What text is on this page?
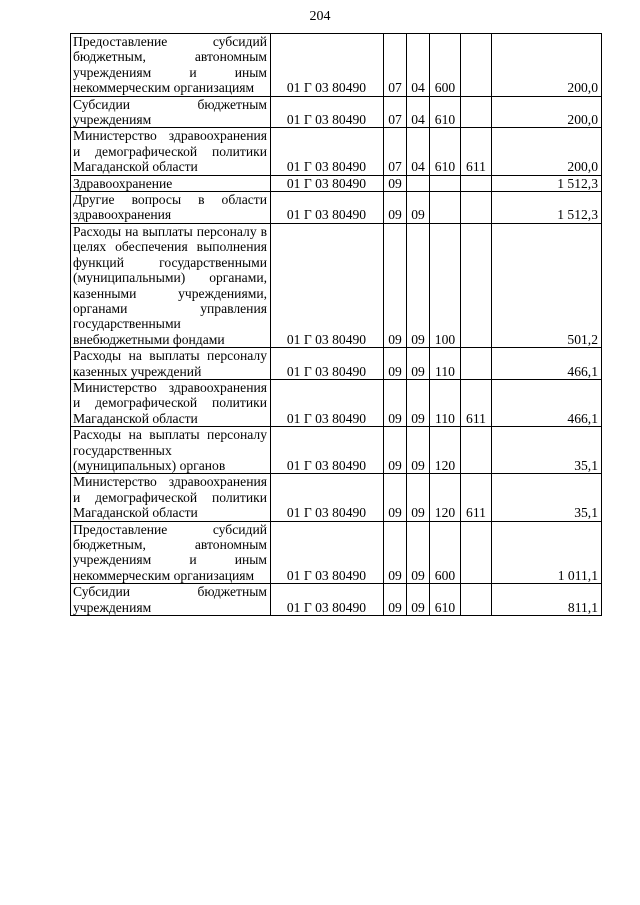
204
Предоставление субсидий бюджетным, автономным учреждениям и иным некоммерческим организациям	01 Г 03 80490	07	04	600		200,0
Субсидии бюджетным учреждениям	01 Г 03 80490	07	04	610		200,0
Министерство здравоохранения и демографической политики Магаданской области	01 Г 03 80490	07	04	610	611	200,0
Здравоохранение	01 Г 03 80490	09				1 512,3
Другие вопросы в области здравоохранения	01 Г 03 80490	09	09			1 512,3
Расходы на выплаты персоналу в целях обеспечения выполнения функций государственными (муниципальными) органами, казенными учреждениями, органами управления государственными внебюджетными фондами	01 Г 03 80490	09	09	100		501,2
Расходы на выплаты персоналу казенных учреждений	01 Г 03 80490	09	09	110		466,1
Министерство здравоохранения и демографической политики Магаданской области	01 Г 03 80490	09	09	110	611	466,1
Расходы на выплаты персоналу государственных (муниципальных) органов	01 Г 03 80490	09	09	120		35,1
Министерство здравоохранения и демографической политики Магаданской области	01 Г 03 80490	09	09	120	611	35,1
Предоставление субсидий бюджетным, автономным учреждениям и иным некоммерческим организациям	01 Г 03 80490	09	09	600		1 011,1
Субсидии бюджетным учреждениям	01 Г 03 80490	09	09	610		811,1
